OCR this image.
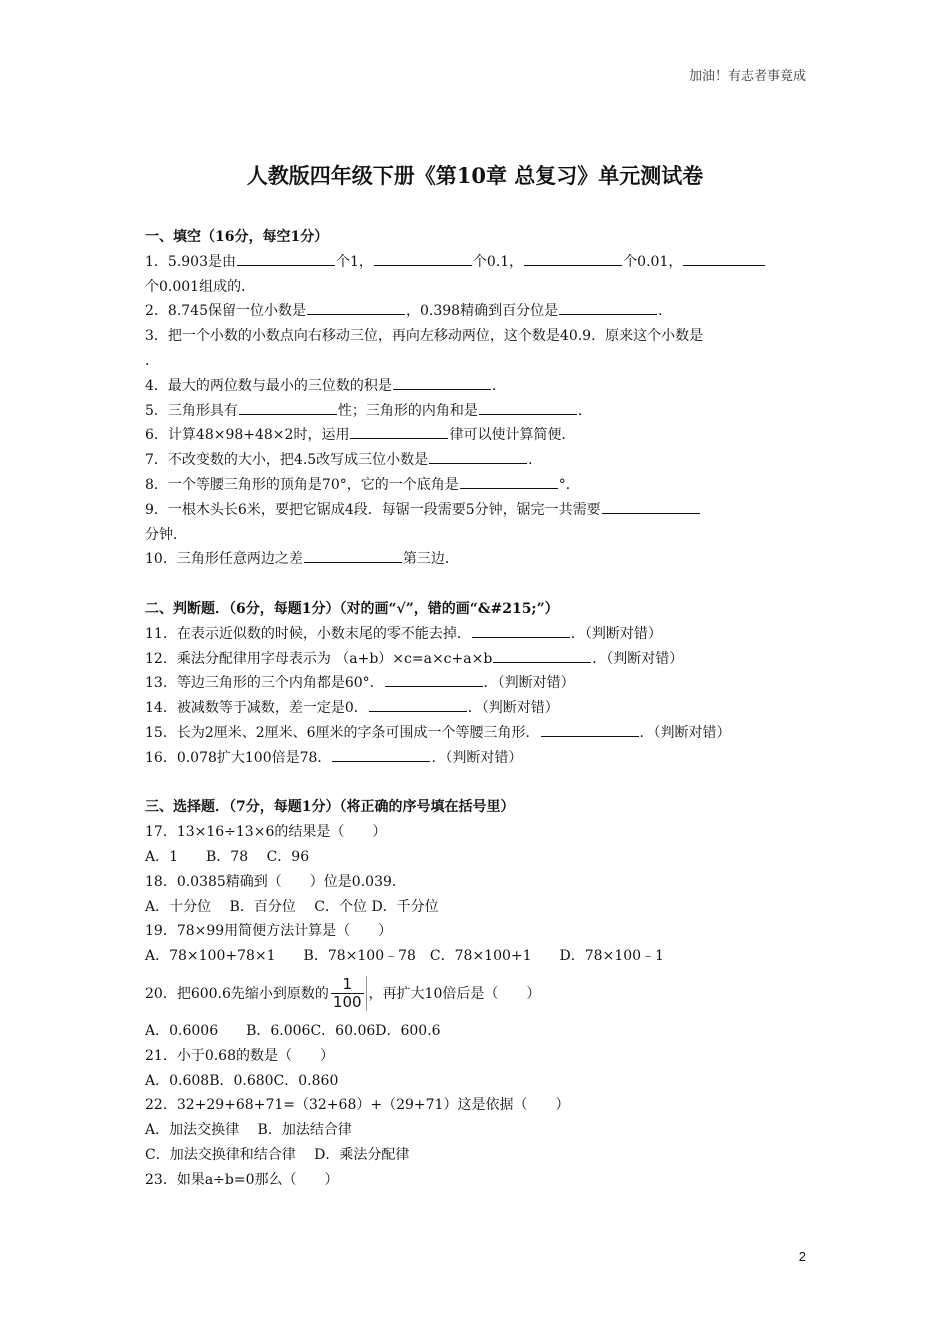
加油！有志者事竟成
人教版四年级下册《第10章 总复习》单元测试卷
一、填空（16分，每空1分）
1．5.903是由	个1，	个0.1，	个0.01，
个0.001组成的．
2．8.745保留一位小数是	，0.398精确到百分位是	．
3．把一个小数的小数点向右移动三位，再向左移动两位，这个数是40.9．原来这个小数是
．
4．最大的两位数与最小的三位数的积是	．
5．三角形具有	性；三角形的内角和是	．
6．计算48×98+48×2时，运用	律可以使计算简便．
7．不改变数的大小，把4.5改写成三位小数是	．
8．一个等腰三角形的顶角是70°，它的一个底角是	°．
9．一根木头长6米，要把它锯成4段．每锯一段需要5分钟，锯完一共需要
分钟．
10．三角形任意两边之差	第三边．
二、判断题．（6分，每题1分）（对的画“√”，错的画“&#215;”）
11．在表示近似数的时候，小数末尾的零不能去掉．	．（判断对错）
12．乘法分配律用字母表示为 （a+b）×c=a×c+a×b	．（判断对错）
13．等边三角形的三个内角都是60°．	．（判断对错）
14．被减数等于减数，差一定是0．	．（判断对错）
15．长为2厘米、2厘米、6厘米的字条可围成一个等腰三角形．	．（判断对错）
16．0.078扩大100倍是78．	．（判断对错）
三、选择题．（7分，每题1分）（将正确的序号填在括号里）
17．13×16÷13×6的结果是（　　）
A．1　　B．78　 C．96
18．0.0385精确到（　　）位是0.039．
A．十分位　 B．百分位　 C．个位 D．千分位
19．78×99用简便方法计算是（　　）
A．78×100+78×1　　B．78×100﹣78　C．78×100+1　　D．78×100﹣1
20．把600.6先缩小到原数的 $\frac{1}{100}$ ，再扩大10倍后是（　　）
A．0.6006　　B．6.006C．60.06D．600.6
21．小于0.68的数是（　　）
A．0.608B．0.680C．0.860
22．32+29+68+71=（32+68）+（29+71）这是依据（　　）
A．加法交换律　 B．加法结合律
C．加法交换律和结合律　 D．乘法分配律
23．如果a÷b=0那么（　　）
2
